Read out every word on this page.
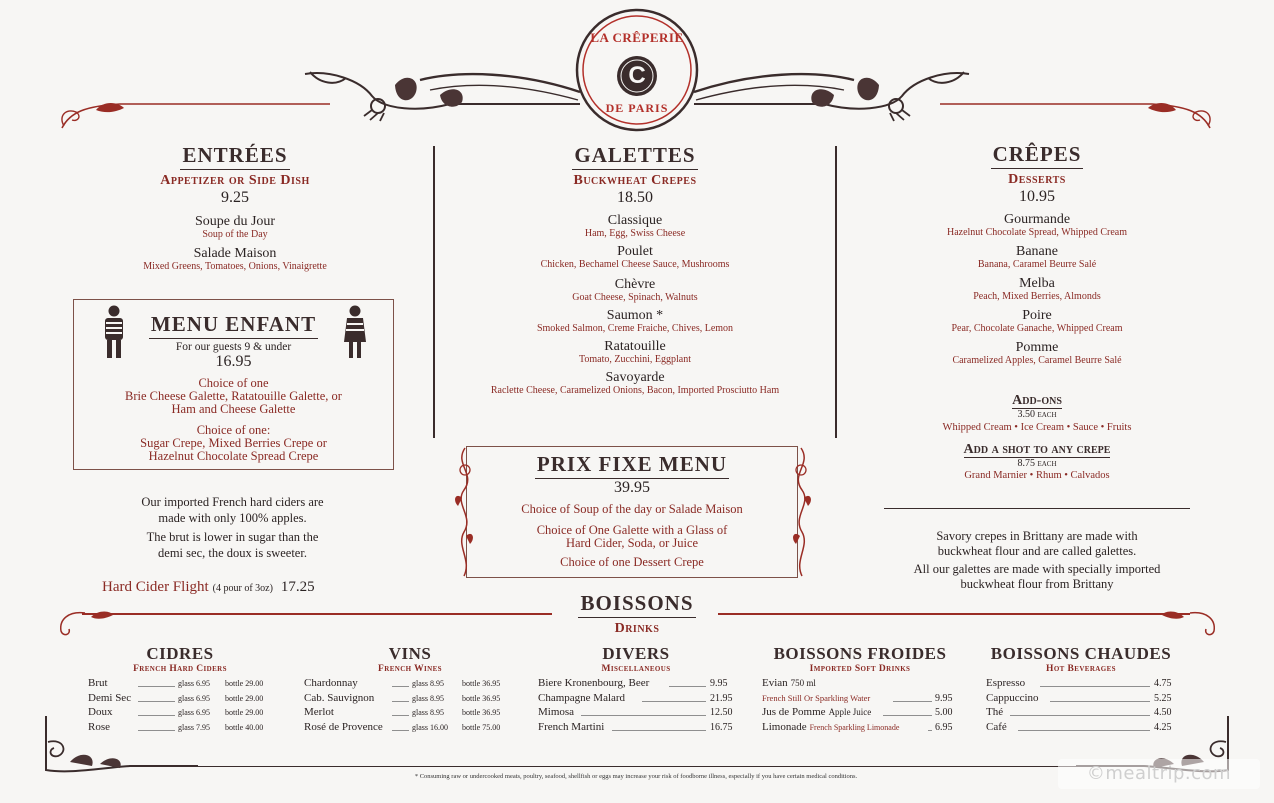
LA CRÊPERIE
C
DE PARIS
ENTRÉES
Appetizer or Side Dish
9.25
Soupe du Jour
Soup of the Day
Salade Maison
Mixed Greens, Tomatoes, Onions, Vinaigrette
MENU ENFANT
For our guests 9 & under
16.95
Choice of one
Brie Cheese Galette, Ratatouille Galette, or
Ham and Cheese Galette
Choice of one:
Sugar Crepe, Mixed Berries Crepe or
Hazelnut Chocolate Spread Crepe
Our imported French hard ciders are
made with only 100% apples.
The brut is lower in sugar than the
demi sec, the doux is sweeter.
Hard Cider Flight (4 pour of 3oz) 17.25
GALETTES
Buckwheat Crepes
18.50
Classique
Ham, Egg, Swiss Cheese
Poulet
Chicken, Bechamel Cheese Sauce, Mushrooms
Chèvre
Goat Cheese, Spinach, Walnuts
Saumon *
Smoked Salmon, Creme Fraiche, Chives, Lemon
Ratatouille
Tomato, Zucchini, Eggplant
Savoyarde
Raclette Cheese, Caramelized Onions, Bacon, Imported Prosciutto Ham
PRIX FIXE MENU
39.95
Choice of Soup of the day or Salade Maison
Choice of One Galette with a Glass of
Hard Cider, Soda, or Juice
Choice of one Dessert Crepe
CRÊPES
Desserts
10.95
Gourmande
Hazelnut Chocolate Spread, Whipped Cream
Banane
Banana, Caramel Beurre Salé
Melba
Peach, Mixed Berries, Almonds
Poire
Pear, Chocolate Ganache, Whipped Cream
Pomme
Caramelized Apples, Caramel Beurre Salé
Add-ons
3.50 each
Whipped Cream • Ice Cream • Sauce • Fruits
Add a shot to any crepe
8.75 each
Grand Marnier • Rhum • Calvados
Savory crepes in Brittany are made with
buckwheat flour and are called galettes.
All our galettes are made with specially imported
buckwheat flour from Brittany
BOISSONS
Drinks
CIDRES
French Hard Ciders
VINS
French Wines
DIVERS
Miscellaneous
BOISSONS FROIDES
Imported Soft Drinks
BOISSONS CHAUDES
Hot Beverages
* Consuming raw or undercooked meats, poultry, seafood, shellfish or eggs may increase your risk of foodborne illness, especially if you have certain medical conditions.	©mealtrip.com
Brut	glass 6.95 bottle 29.00
Demi Sec	glass 6.95 bottle 29.00
Doux	glass 6.95 bottle 29.00
Rose	glass 7.95 bottle 40.00
Chardonnay	glass 8.95 bottle 36.95
Cab. Sauvignon	glass 8.95 bottle 36.95
Merlot	glass 8.95 bottle 36.95
Rosé de Provence	glass 16.00 bottle 75.00
Biere Kronenbourg, Beer	9.95
Champagne Malard	21.95
Mimosa	12.50
French Martini	16.75
Evian 750 ml
French Still Or Sparkling Water	9.95
Jus de Pomme Apple Juice	5.00
Limonade French Sparkling Limonade	6.95
Espresso	4.75
Cappuccino	5.25
Thé	4.50
Café	4.25
